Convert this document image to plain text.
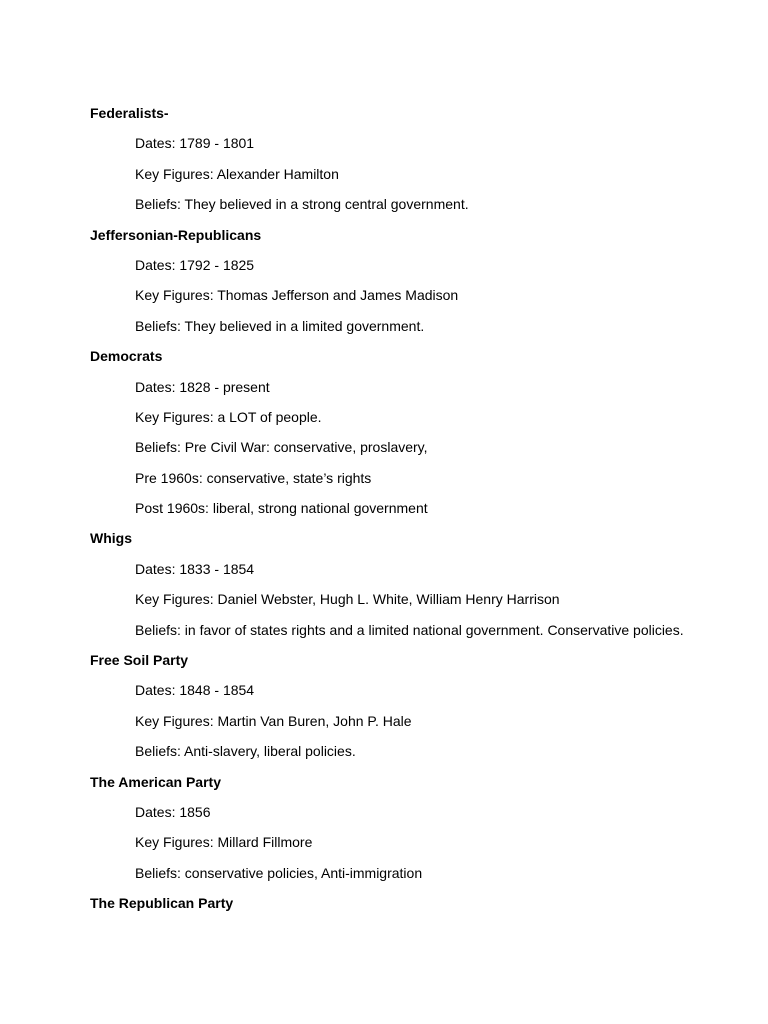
Federalists-
Dates: 1789 - 1801
Key Figures: Alexander Hamilton
Beliefs: They believed in a strong central government.
Jeffersonian-Republicans
Dates: 1792 - 1825
Key Figures: Thomas Jefferson and James Madison
Beliefs: They believed in a limited government.
Democrats
Dates: 1828 - present
Key Figures: a LOT of people.
Beliefs: Pre Civil War: conservative, proslavery,
Pre 1960s: conservative, state’s rights
Post 1960s: liberal, strong national government
Whigs
Dates: 1833 - 1854
Key Figures: Daniel Webster, Hugh L. White, William Henry Harrison
Beliefs: in favor of states rights and a limited national government. Conservative policies.
Free Soil Party
Dates: 1848 - 1854
Key Figures: Martin Van Buren, John P. Hale
Beliefs: Anti-slavery, liberal policies.
The American Party
Dates: 1856
Key Figures: Millard Fillmore
Beliefs: conservative policies, Anti-immigration
The Republican Party
